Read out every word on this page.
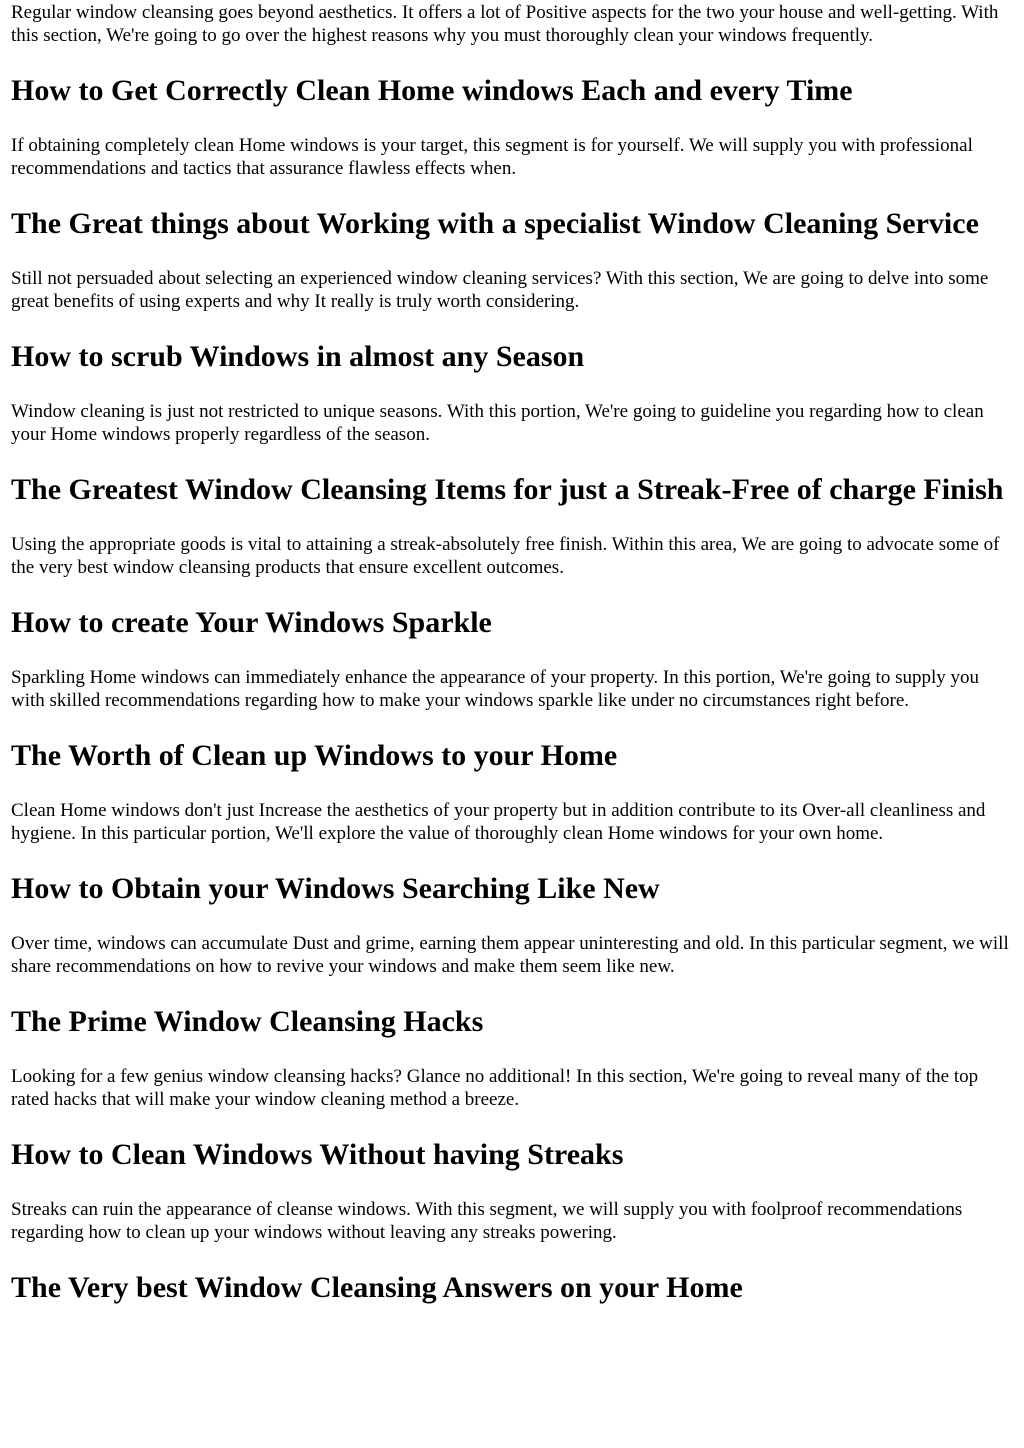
Regular window cleansing goes beyond aesthetics. It offers a lot of Positive aspects for the two your house and well-getting. With this section, We're going to go over the highest reasons why you must thoroughly clean your windows frequently.

How to Get Correctly Clean Home windows Each and every Time

If obtaining completely clean Home windows is your target, this segment is for yourself. We will supply you with professional recommendations and tactics that assurance flawless effects when.

The Great things about Working with a specialist Window Cleaning Service

Still not persuaded about selecting an experienced window cleaning services? With this section, We are going to delve into some great benefits of using experts and why It really is truly worth considering.

How to scrub Windows in almost any Season

Window cleaning is just not restricted to unique seasons. With this portion, We're going to guideline you regarding how to clean your Home windows properly regardless of the season.

The Greatest Window Cleansing Items for just a Streak-Free of charge Finish

Using the appropriate goods is vital to attaining a streak-absolutely free finish. Within this area, We are going to advocate some of the very best window cleansing products that ensure excellent outcomes.

How to create Your Windows Sparkle

Sparkling Home windows can immediately enhance the appearance of your property. In this portion, We're going to supply you with skilled recommendations regarding how to make your windows sparkle like under no circumstances right before.

The Worth of Clean up Windows to your Home

Clean Home windows don't just Increase the aesthetics of your property but in addition contribute to its Over-all cleanliness and hygiene. In this particular portion, We'll explore the value of thoroughly clean Home windows for your own home.

How to Obtain your Windows Searching Like New

Over time, windows can accumulate Dust and grime, earning them appear uninteresting and old. In this particular segment, we will share recommendations on how to revive your windows and make them seem like new.

The Prime Window Cleansing Hacks

Looking for a few genius window cleansing hacks? Glance no additional! In this section, We're going to reveal many of the top rated hacks that will make your window cleaning method a breeze.

How to Clean Windows Without having Streaks

Streaks can ruin the appearance of cleanse windows. With this segment, we will supply you with foolproof recommendations regarding how to clean up your windows without leaving any streaks powering.

The Very best Window Cleansing Answers on your Home
